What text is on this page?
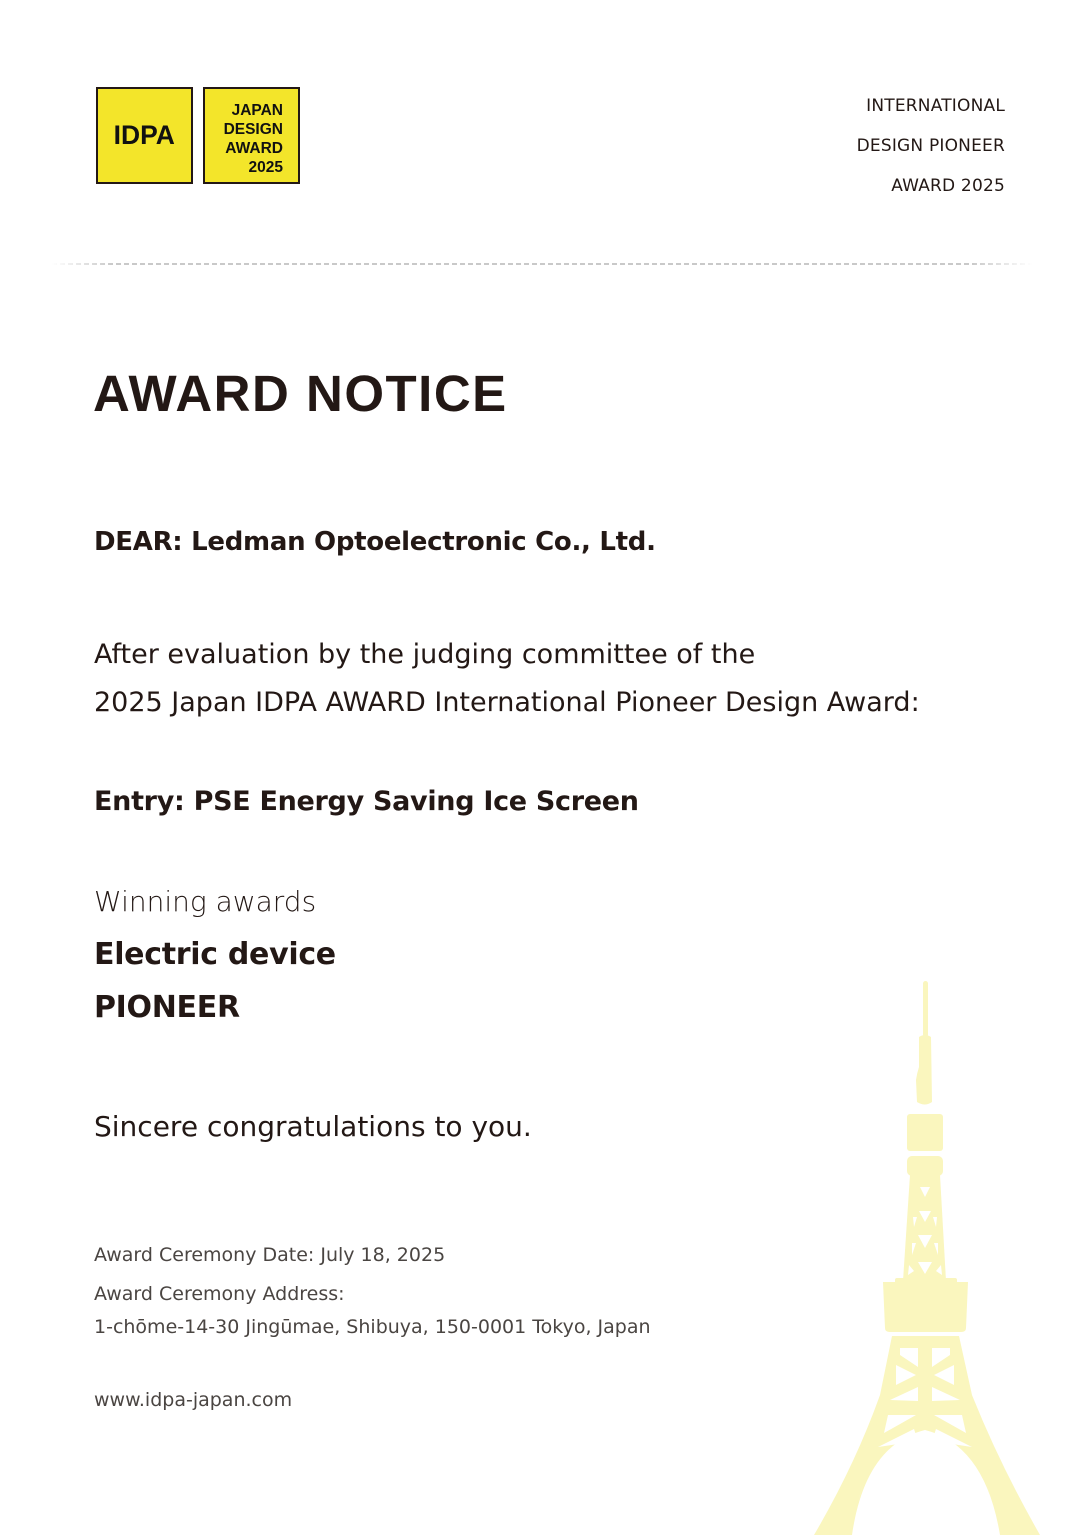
IDPA
JAPAN
DESIGN
AWARD
2025
INTERNATIONAL
DESIGN PIONEER
AWARD 2025
AWARD NOTICE
DEAR: Ledman Optoelectronic Co., Ltd.
After evaluation by the judging committee of the
2025 Japan IDPA AWARD International Pioneer Design Award:
Entry: PSE Energy Saving Ice Screen
Winning awards
Electric device
PIONEER
Sincere congratulations to you.
Award Ceremony Date: July 18, 2025
Award Ceremony Address:
1-chōme-14-30 Jingūmae, Shibuya, 150-0001 Tokyo, Japan
www.idpa-japan.com
